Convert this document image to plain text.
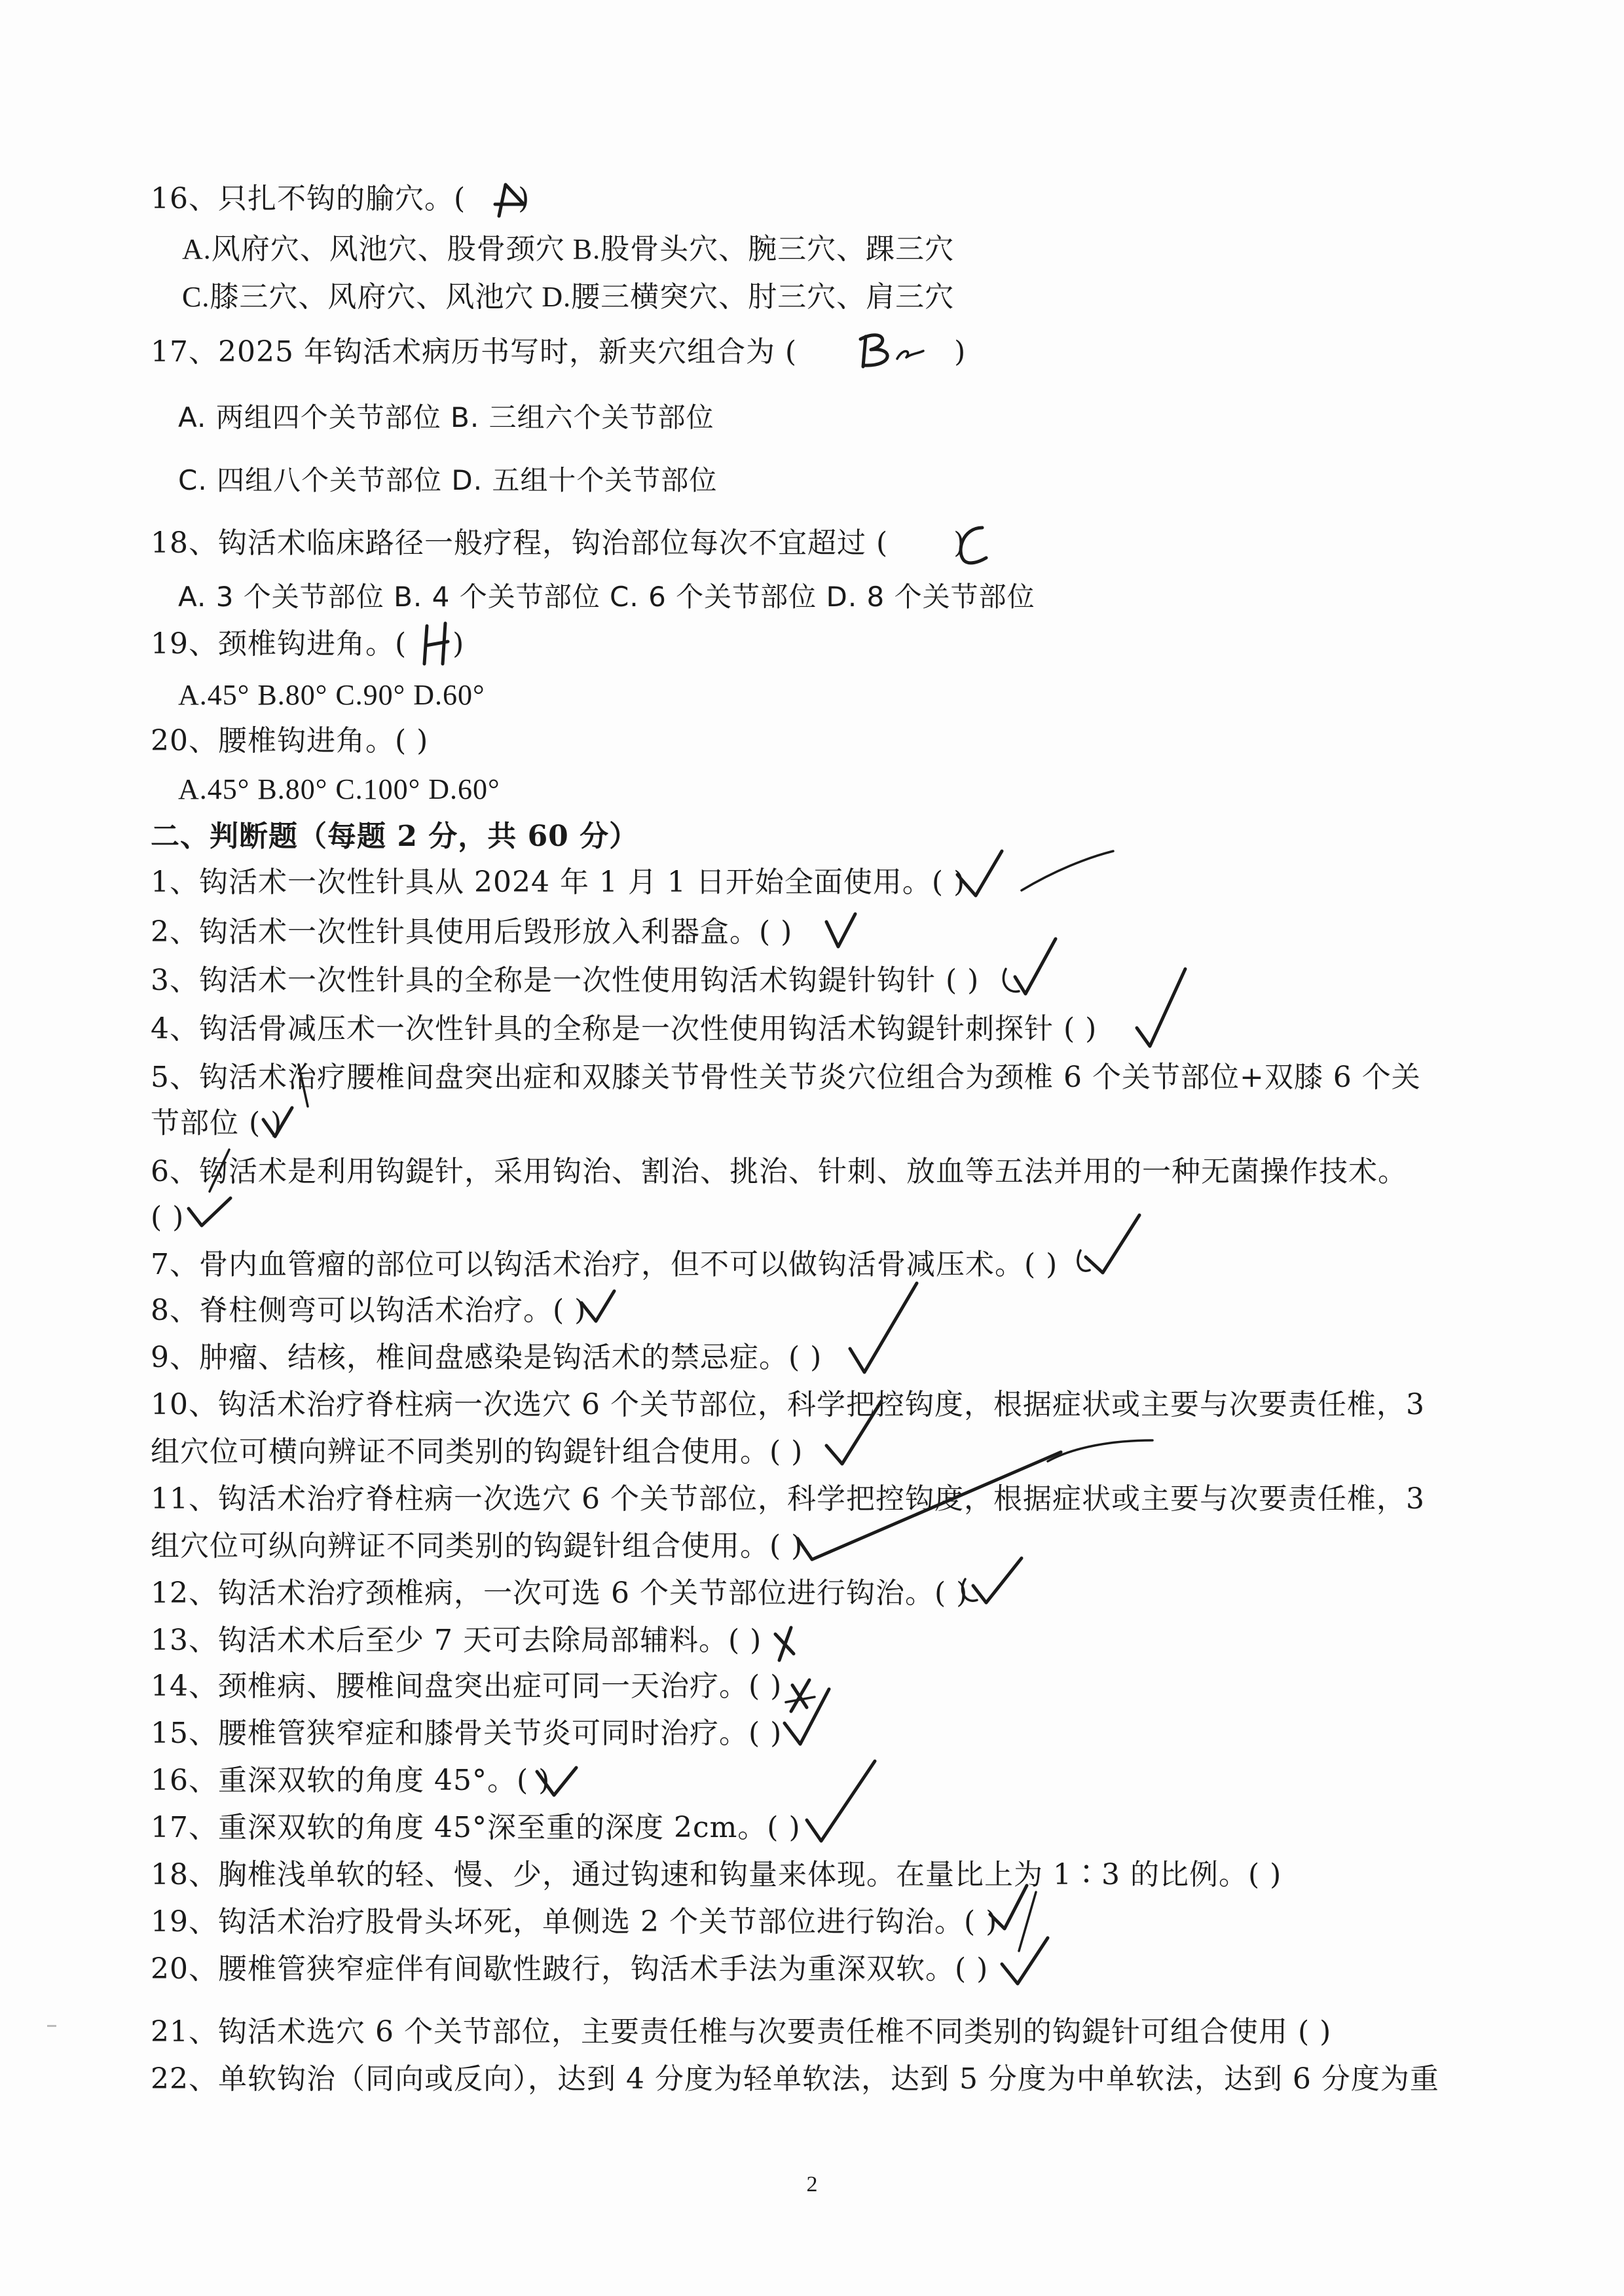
16、只扎不钩的腧穴。( )
A.风府穴、风池穴、股骨颈穴 B.股骨头穴、腕三穴、踝三穴
C.膝三穴、风府穴、风池穴 D.腰三横突穴、肘三穴、肩三穴
17、2025 年钩活术病历书写时，新夹穴组合为 (	)
A. 两组四个关节部位 B. 三组六个关节部位
C. 四组八个关节部位 D. 五组十个关节部位
18、钩活术临床路径一般疗程，钩治部位每次不宜超过 ( )
A. 3 个关节部位 B. 4 个关节部位 C. 6 个关节部位 D. 8 个关节部位
19、颈椎钩进角。( )
A.45° B.80° C.90° D.60°
20、腰椎钩进角。( )
A.45° B.80° C.100° D.60°
二、判断题（每题 2 分，共 60 分）
1、钩活术一次性针具从 2024 年 1 月 1 日开始全面使用。( )
2、钩活术一次性针具使用后毁形放入利器盒。( )
3、钩活术一次性针具的全称是一次性使用钩活术钩鍉针钩针 ( )
4、钩活骨减压术一次性针具的全称是一次性使用钩活术钩鍉针刺探针 ( )
5、钩活术治疗腰椎间盘突出症和双膝关节骨性关节炎穴位组合为颈椎 6 个关节部位+双膝 6 个关
节部位 ( )
6、钩活术是利用钩鍉针，采用钩治、割治、挑治、针刺、放血等五法并用的一种无菌操作技术。
( )
7、骨内血管瘤的部位可以钩活术治疗，但不可以做钩活骨减压术。( )
8、脊柱侧弯可以钩活术治疗。( )
9、肿瘤、结核，椎间盘感染是钩活术的禁忌症。( )
10、钩活术治疗脊柱病一次选穴 6 个关节部位，科学把控钩度，根据症状或主要与次要责任椎，3
组穴位可横向辨证不同类别的钩鍉针组合使用。( )
11、钩活术治疗脊柱病一次选穴 6 个关节部位，科学把控钩度，根据症状或主要与次要责任椎，3
组穴位可纵向辨证不同类别的钩鍉针组合使用。( )
12、钩活术治疗颈椎病，一次可选 6 个关节部位进行钩治。( )
13、钩活术术后至少 7 天可去除局部辅料。( )
14、颈椎病、腰椎间盘突出症可同一天治疗。( )
15、腰椎管狭窄症和膝骨关节炎可同时治疗。( )
16、重深双软的角度 45°。( )
17、重深双软的角度 45°深至重的深度 2cm。( )
18、胸椎浅单软的轻、慢、少，通过钩速和钩量来体现。在量比上为 1∶3 的比例。( )
19、钩活术治疗股骨头坏死，单侧选 2 个关节部位进行钩治。( )
20、腰椎管狭窄症伴有间歇性跛行，钩活术手法为重深双软。( )
21、钩活术选穴 6 个关节部位，主要责任椎与次要责任椎不同类别的钩鍉针可组合使用 ( )
22、单软钩治（同向或反向），达到 4 分度为轻单软法，达到 5 分度为中单软法，达到 6 分度为重
2
